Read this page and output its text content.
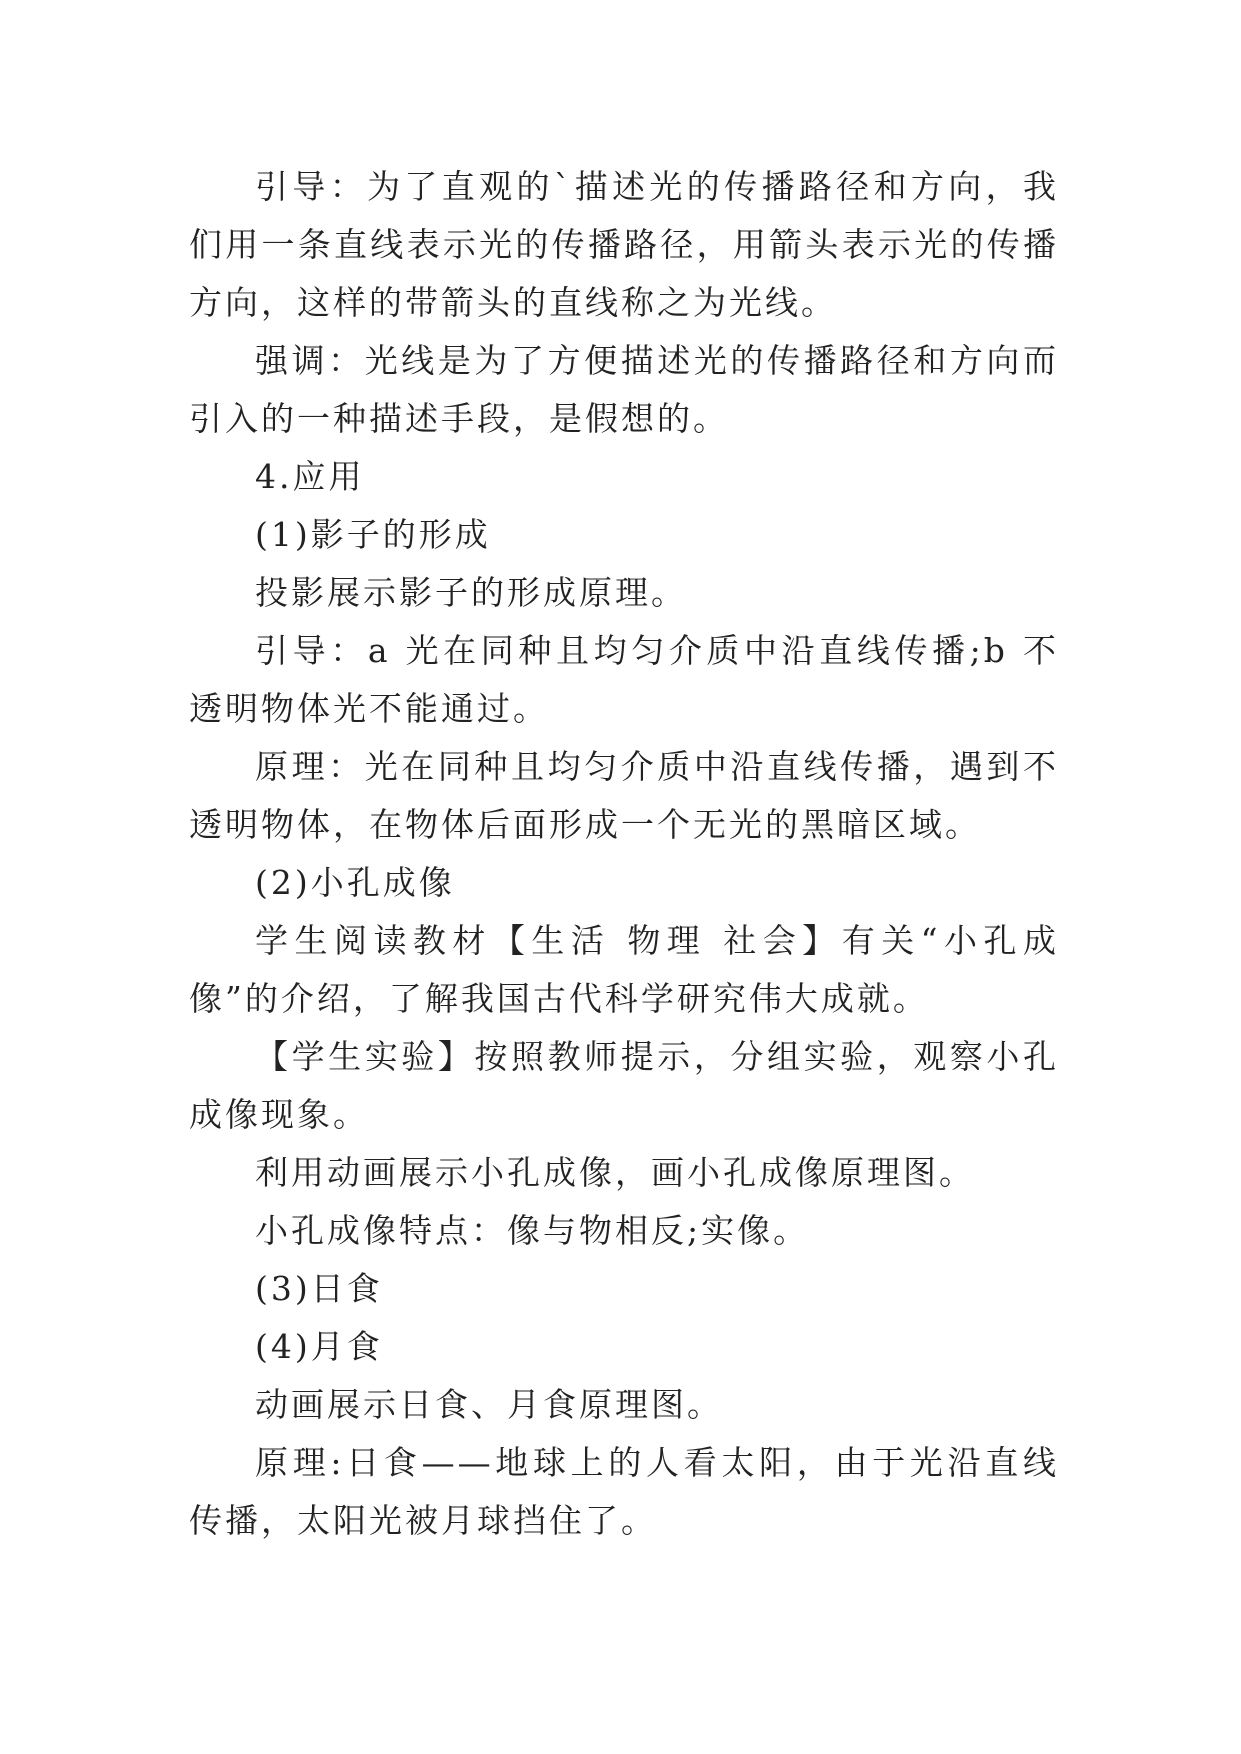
引导：为了直观的`描述光的传播路径和方向，我们用一条直线表示光的传播路径，用箭头表示光的传播方向，这样的带箭头的直线称之为光线。

强调：光线是为了方便描述光的传播路径和方向而引入的一种描述手段，是假想的。

4.应用

(1)影子的形成

投影展示影子的形成原理。

引导：a 光在同种且均匀介质中沿直线传播;b 不透明物体光不能通过。

原理：光在同种且均匀介质中沿直线传播，遇到不透明物体，在物体后面形成一个无光的黑暗区域。

(2)小孔成像

学生阅读教材【生活 物理 社会】有关“小孔成像”的介绍，了解我国古代科学研究伟大成就。

【学生实验】按照教师提示，分组实验，观察小孔成像现象。

利用动画展示小孔成像，画小孔成像原理图。

小孔成像特点：像与物相反;实像。

(3)日食

(4)月食

动画展示日食、月食原理图。

原理:日食——地球上的人看太阳，由于光沿直线传播，太阳光被月球挡住了。
